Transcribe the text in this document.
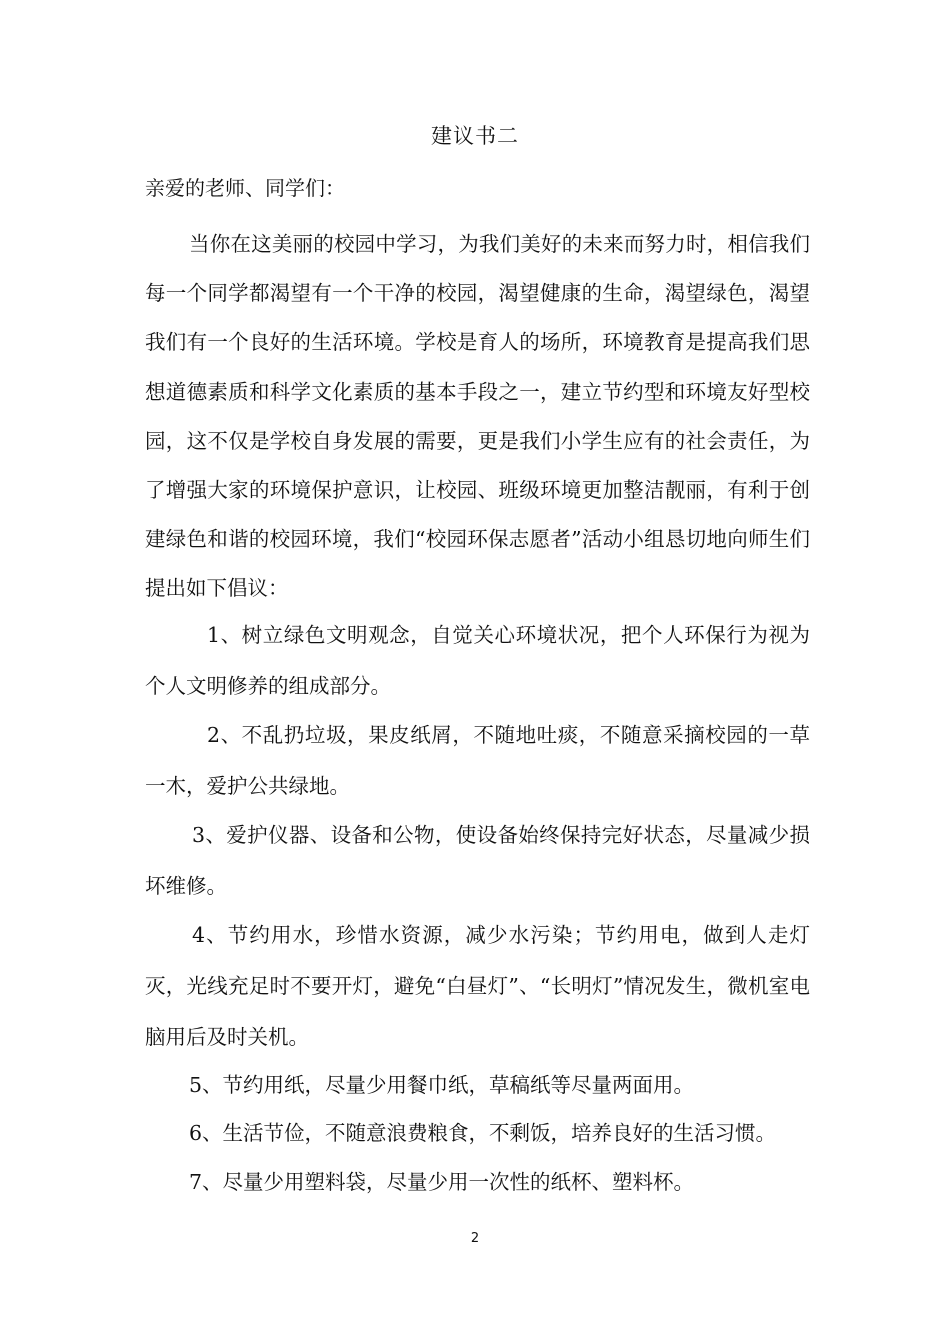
建议书二
亲爱的老师、同学们：

当你在这美丽的校园中学习，为我们美好的未来而努力时，相信我们每一个同学都渴望有一个干净的校园，渴望健康的生命，渴望绿色，渴望我们有一个良好的生活环境。学校是育人的场所，环境教育是提高我们思想道德素质和科学文化素质的基本手段之一，建立节约型和环境友好型校园，这不仅是学校自身发展的需要，更是我们小学生应有的社会责任，为了增强大家的环境保护意识，让校园、班级环境更加整洁靓丽，有利于创建绿色和谐的校园环境，我们“校园环保志愿者”活动小组恳切地向师生们提出如下倡议：

1、树立绿色文明观念，自觉关心环境状况，把个人环保行为视为个人文明修养的组成部分。

2、不乱扔垃圾，果皮纸屑，不随地吐痰，不随意采摘校园的一草一木，爱护公共绿地。

3、爱护仪器、设备和公物，使设备始终保持完好状态，尽量减少损坏维修。

4、节约用水，珍惜水资源，减少水污染；节约用电，做到人走灯灭，光线充足时不要开灯，避免“白昼灯”、“长明灯”情况发生，微机室电脑用后及时关机。

5、节约用纸，尽量少用餐巾纸，草稿纸等尽量两面用。

6、生活节俭，不随意浪费粮食，不剩饭，培养良好的生活习惯。

7、尽量少用塑料袋，尽量少用一次性的纸杯、塑料杯。

2
